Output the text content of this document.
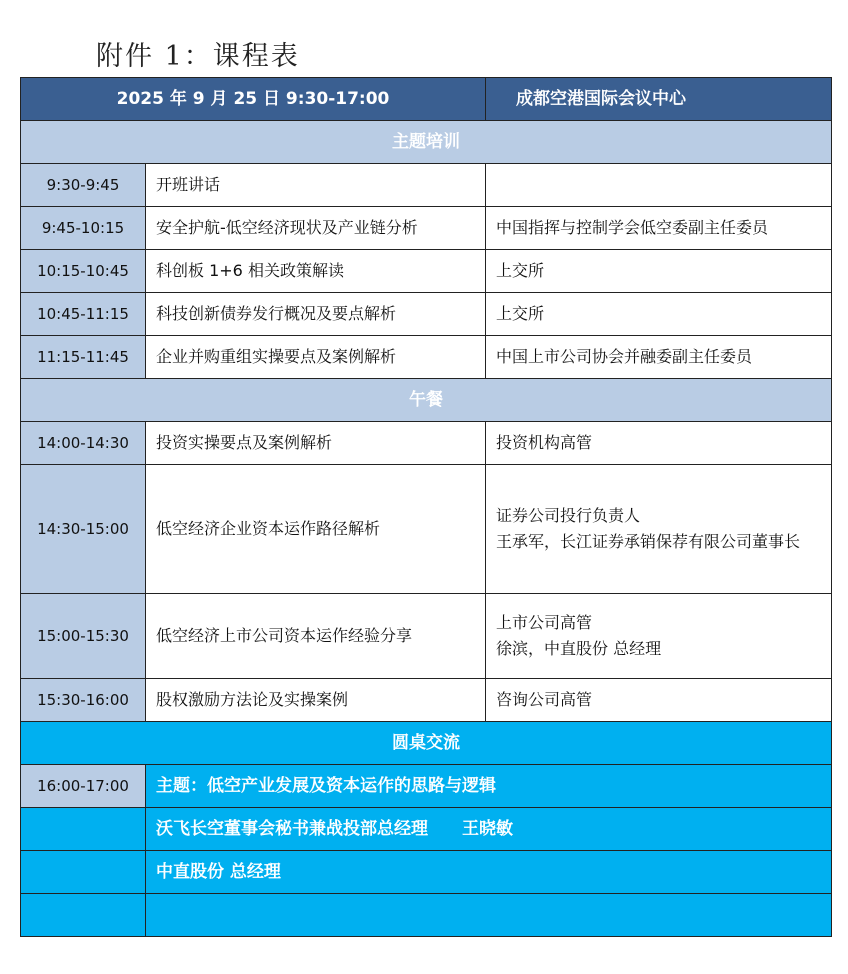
附件 1：课程表
2025 年 9 月 25 日 9:30-17:00		成都空港国际会议中心
主题培训		
9:30-9:45	开班讲话	
9:45-10:15	安全护航-低空经济现状及产业链分析	中国指挥与控制学会低空委副主任委员
10:15-10:45	科创板 1+6 相关政策解读	上交所
10:45-11:15	科技创新债券发行概况及要点解析	上交所
11:15-11:45	企业并购重组实操要点及案例解析	中国上市公司协会并融委副主任委员
午餐		
14:00-14:30	投资实操要点及案例解析	投资机构高管
14:30-15:00	低空经济企业资本运作路径解析	证券公司投行负责人
王承军，长江证券承销保荐有限公司董事长

15:00-15:30	低空经济上市公司资本运作经验分享	上市公司高管
徐滨，中直股份 总经理

15:30-16:00	股权激励方法论及实操案例	咨询公司高管
圆桌交流		
16:00-17:00	主题：低空产业发展及资本运作的思路与逻辑	
	沃飞长空董事会秘书兼战投部总经理　　王晓敏	
	中直股份 总经理	
